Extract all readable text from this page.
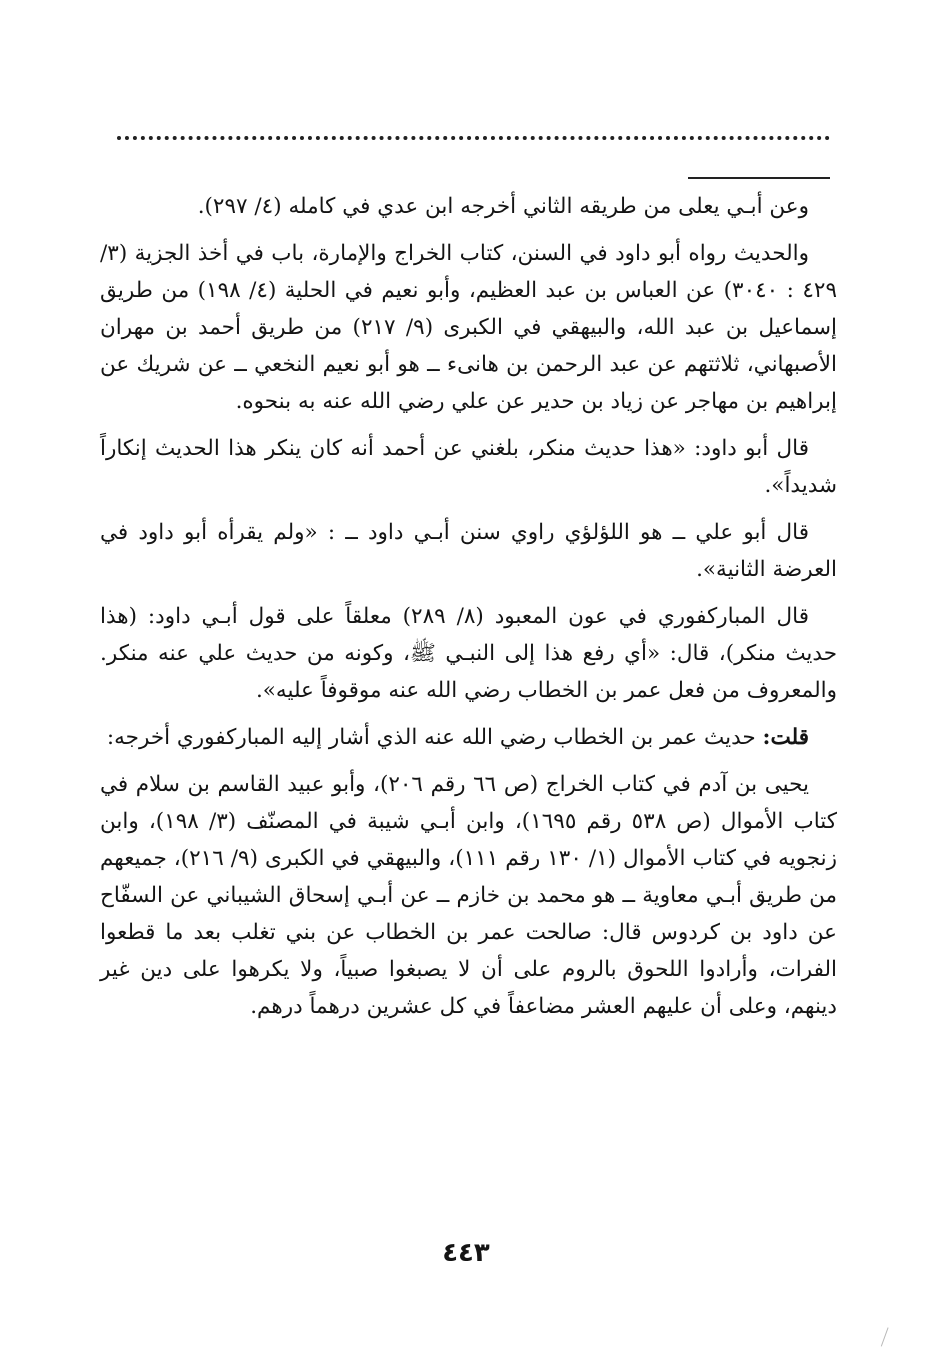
وعن أبـي يعلى من طريقه الثاني أخرجه ابن عدي في كامله (٤/ ٢٩٧).

والحديث رواه أبو داود في السنن، كتاب الخراج والإمارة، باب في أخذ الجزية (٣/ ٤٢٩ : ٣٠٤٠) عن العباس بن عبد العظيم، وأبو نعيم في الحلية (٤/ ١٩٨) من طريق إسماعيل بن عبد الله، والبيهقي في الكبرى (٩/ ٢١٧) من طريق أحمد بن مهران الأصبهاني، ثلاثتهم عن عبد الرحمن بن هانىء ــ هو أبو نعيم النخعي ــ عن شريك عن إبراهيم بن مهاجر عن زياد بن حدير عن علي رضي الله عنه به بنحوه.

قال أبو داود: «هذا حديث منكر، بلغني عن أحمد أنه كان ينكر هذا الحديث إنكاراً شديداً».

قال أبو علي ــ هو اللؤلؤي راوي سنن أبـي داود ــ : «ولم يقرأه أبو داود في العرضة الثانية».

قال المباركفوري في عون المعبود (٨/ ٢٨٩) معلقاً على قول أبـي داود: (هذا حديث منكر)، قال: «أي رفع هذا إلى النبـي ﷺ، وكونه من حديث علي عنه منكر. والمعروف من فعل عمر بن الخطاب رضي الله عنه موقوفاً عليه».

قلت: حديث عمر بن الخطاب رضي الله عنه الذي أشار إليه المباركفوري أخرجه:

يحيى بن آدم في كتاب الخراج (ص ٦٦ رقم ٢٠٦)، وأبو عبيد القاسم بن سلام في كتاب الأموال (ص ٥٣٨ رقم ١٦٩٥)، وابن أبـي شيبة في المصنّف (٣/ ١٩٨)، وابن زنجويه في كتاب الأموال (١/ ١٣٠ رقم ١١١)، والبيهقي في الكبرى (٩/ ٢١٦)، جميعهم من طريق أبـي معاوية ــ هو محمد بن خازم ــ عن أبـي إسحاق الشيباني عن السفّاح عن داود بن كردوس قال: صالحت عمر بن الخطاب عن بني تغلب بعد ما قطعوا الفرات، وأرادوا اللحوق بالروم على أن لا يصبغوا صبياً، ولا يكرهوا على دين غير دينهم، وعلى أن عليهم العشر مضاعفاً في كل عشرين درهماً درهم.

٤٤٣
